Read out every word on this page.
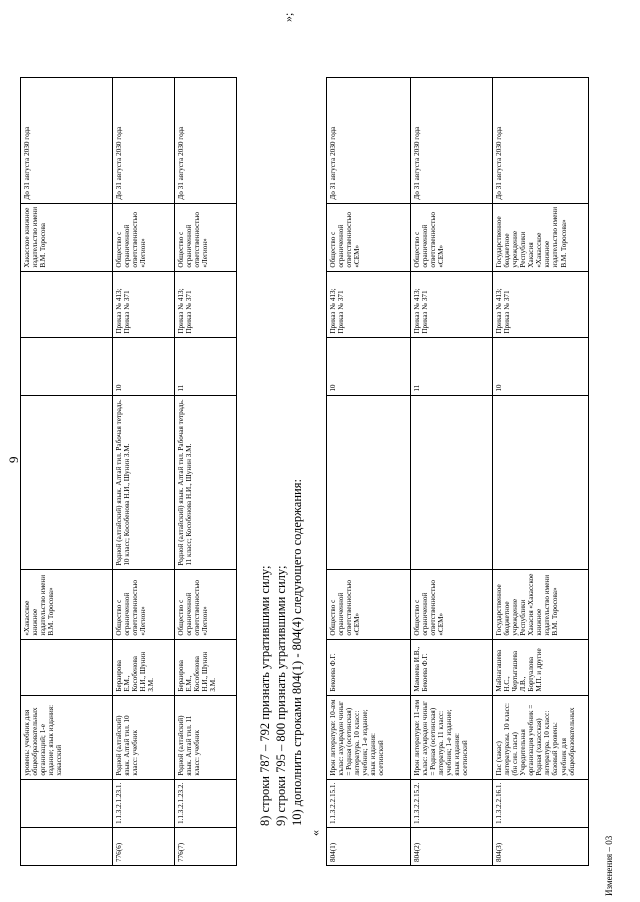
9
		уровень: учебник для общеобразовательных организаций; 1-е издание; язык издания: хакасский		«Хакасское книжное издательство имени В.М. Торосова»				Хакасское книжное издательство имени В.М. Торосова	До 31 августа 2030 года
776(6)	1.1.3.2.1.23.1.	Родной (алтайский) язык. Алтай тил. 10 класс: учебник	Бераирова Е.М., Кособенова Н.И., Шунин З.М.	Общество с ограниченной ответственностью «Легион»	Родной (алтайский) язык. Алтай тил. Рабочая тетрадь. 10 класс; Кособенова Н.И., Шунин З.М.	10	Приказ № 413; Приказ № 371	Общество с ограниченной ответственностью «Легион»	До 31 августа 2030 года
776(7)	1.1.3.2.1.23.2.	Родной (алтайский) язык. Алтай тил. 11 класс: учебник	Бераирова Е.М., Кособенова Н.И., Шунин З.М.	Общество с ограниченной ответственностью «Легион»	Родной (алтайский) язык. Алтай тил. Рабочая тетрадь. 11 класс; Кособенова Н.И., Шунин З.М.	11	Приказ № 413; Приказ № 371	Общество с ограниченной ответственностью «Легион»	До 31 августа 2030 года
8) строки 787 – 792 признать утратившими силу; 9) строки 795 – 800 признать утратившими силу; 10) дополнить строками 804(1) - 804(4) следующего содержания:
»;
«
804(1)	1.1.3.2.2.15.1.	Ирон литературæ: 10-æм кълас: ахуырадон чиныг = Родная (осетинская) литература. 10 класс: учебник; 1-е издание; язык издания: осетинский	Бекоева Ф.Г.	Общество с ограниченной ответственностью «СЕМ»		10	Приказ № 413; Приказ № 371	Общество с ограниченной ответственностью «СЕМ»	До 31 августа 2030 года
804(2)	1.1.3.2.2.15.2.	Ирон литературæ: 11-æм кълас: ахуырадон чиныг = Родная (осетинская) литература. 11 класс: учебник; 1-е издание; язык издания: осетинский	Мамиева И.В., Бекоева Ф.Г.	Общество с ограниченной ответственностью «СЕМ»		11	Приказ № 413; Приказ № 371	Общество с ограниченной ответственностью «СЕМ»	До 31 августа 2030 года
804(3)	1.1.3.2.2.16.1.	Пас (хакас) литературазы. 10 класс: (бн син. пасы) Учредительная организация учебник = Родная (хакасская) литература. 10 класс: базовый уровень: учебник для общеобразовательных	Майнагашева Н.С., Чертыгашева Л.В., Бортуалова М.П. и другие	Государственное бюджетное учреждение Республики Хакасия «Хакасское книжное издательство имени В.М. Торосова»		10	Приказ № 413; Приказ № 371	Государственное бюджетное учреждение Республики Хакасия «Хакасское книжное издательство имени В.М. Торосова»	До 31 августа 2030 года
Изменения – 03
